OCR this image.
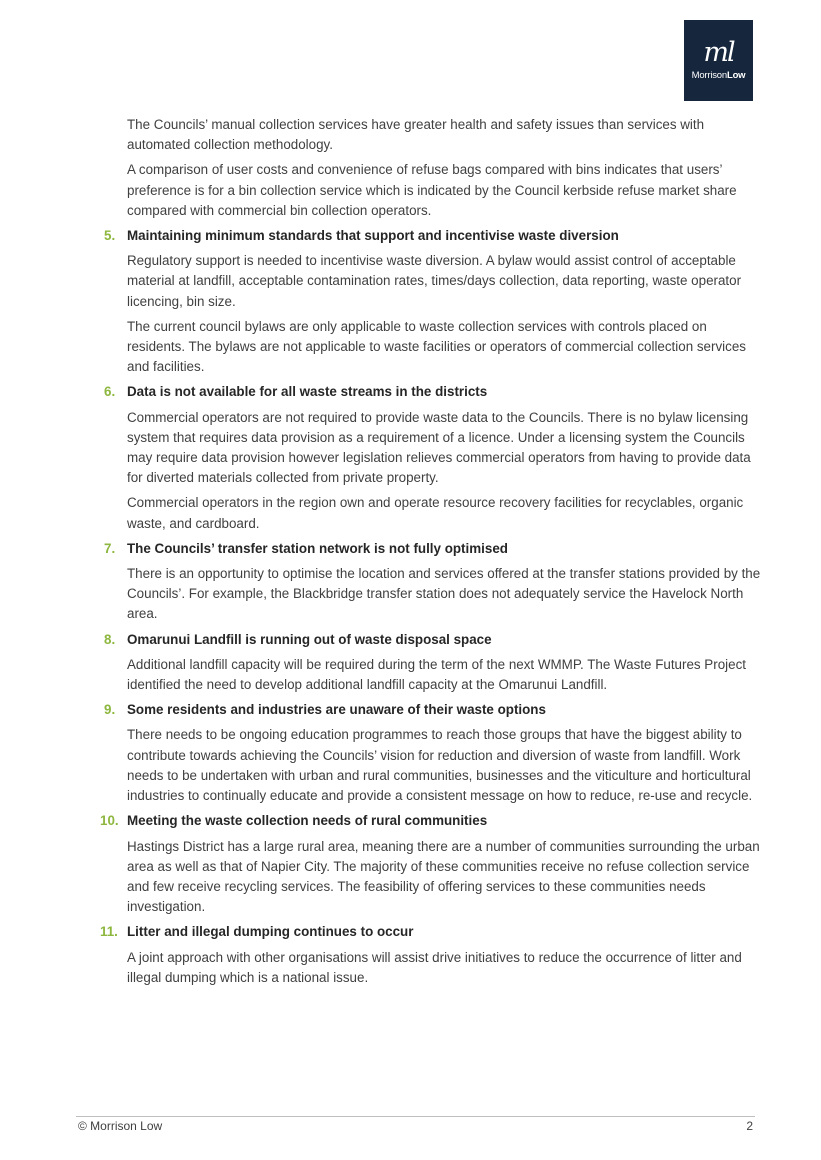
ml
MorrisonLow

The Councils’ manual collection services have greater health and safety issues than services with automated collection methodology.

A comparison of user costs and convenience of refuse bags compared with bins indicates that users’ preference is for a bin collection service which is indicated by the Council kerbside refuse market share compared with commercial bin collection operators.

5. Maintaining minimum standards that support and incentivise waste diversion

Regulatory support is needed to incentivise waste diversion. A bylaw would assist control of acceptable material at landfill, acceptable contamination rates, times/days collection, data reporting, waste operator licencing, bin size.

The current council bylaws are only applicable to waste collection services with controls placed on residents. The bylaws are not applicable to waste facilities or operators of commercial collection services and facilities.

6. Data is not available for all waste streams in the districts

Commercial operators are not required to provide waste data to the Councils. There is no bylaw licensing system that requires data provision as a requirement of a licence. Under a licensing system the Councils may require data provision however legislation relieves commercial operators from having to provide data for diverted materials collected from private property.

Commercial operators in the region own and operate resource recovery facilities for recyclables, organic waste, and cardboard.

7. The Councils’ transfer station network is not fully optimised

There is an opportunity to optimise the location and services offered at the transfer stations provided by the Councils’. For example, the Blackbridge transfer station does not adequately service the Havelock North area.

8. Omarunui Landfill is running out of waste disposal space

Additional landfill capacity will be required during the term of the next WMMP. The Waste Futures Project identified the need to develop additional landfill capacity at the Omarunui Landfill.

9. Some residents and industries are unaware of their waste options

There needs to be ongoing education programmes to reach those groups that have the biggest ability to contribute towards achieving the Councils’ vision for reduction and diversion of waste from landfill. Work needs to be undertaken with urban and rural communities, businesses and the viticulture and horticultural industries to continually educate and provide a consistent message on how to reduce, re-use and recycle.

10. Meeting the waste collection needs of rural communities

Hastings District has a large rural area, meaning there are a number of communities surrounding the urban area as well as that of Napier City. The majority of these communities receive no refuse collection service and few receive recycling services. The feasibility of offering services to these communities needs investigation.

11. Litter and illegal dumping continues to occur

A joint approach with other organisations will assist drive initiatives to reduce the occurrence of litter and illegal dumping which is a national issue.

© Morrison Low	2
